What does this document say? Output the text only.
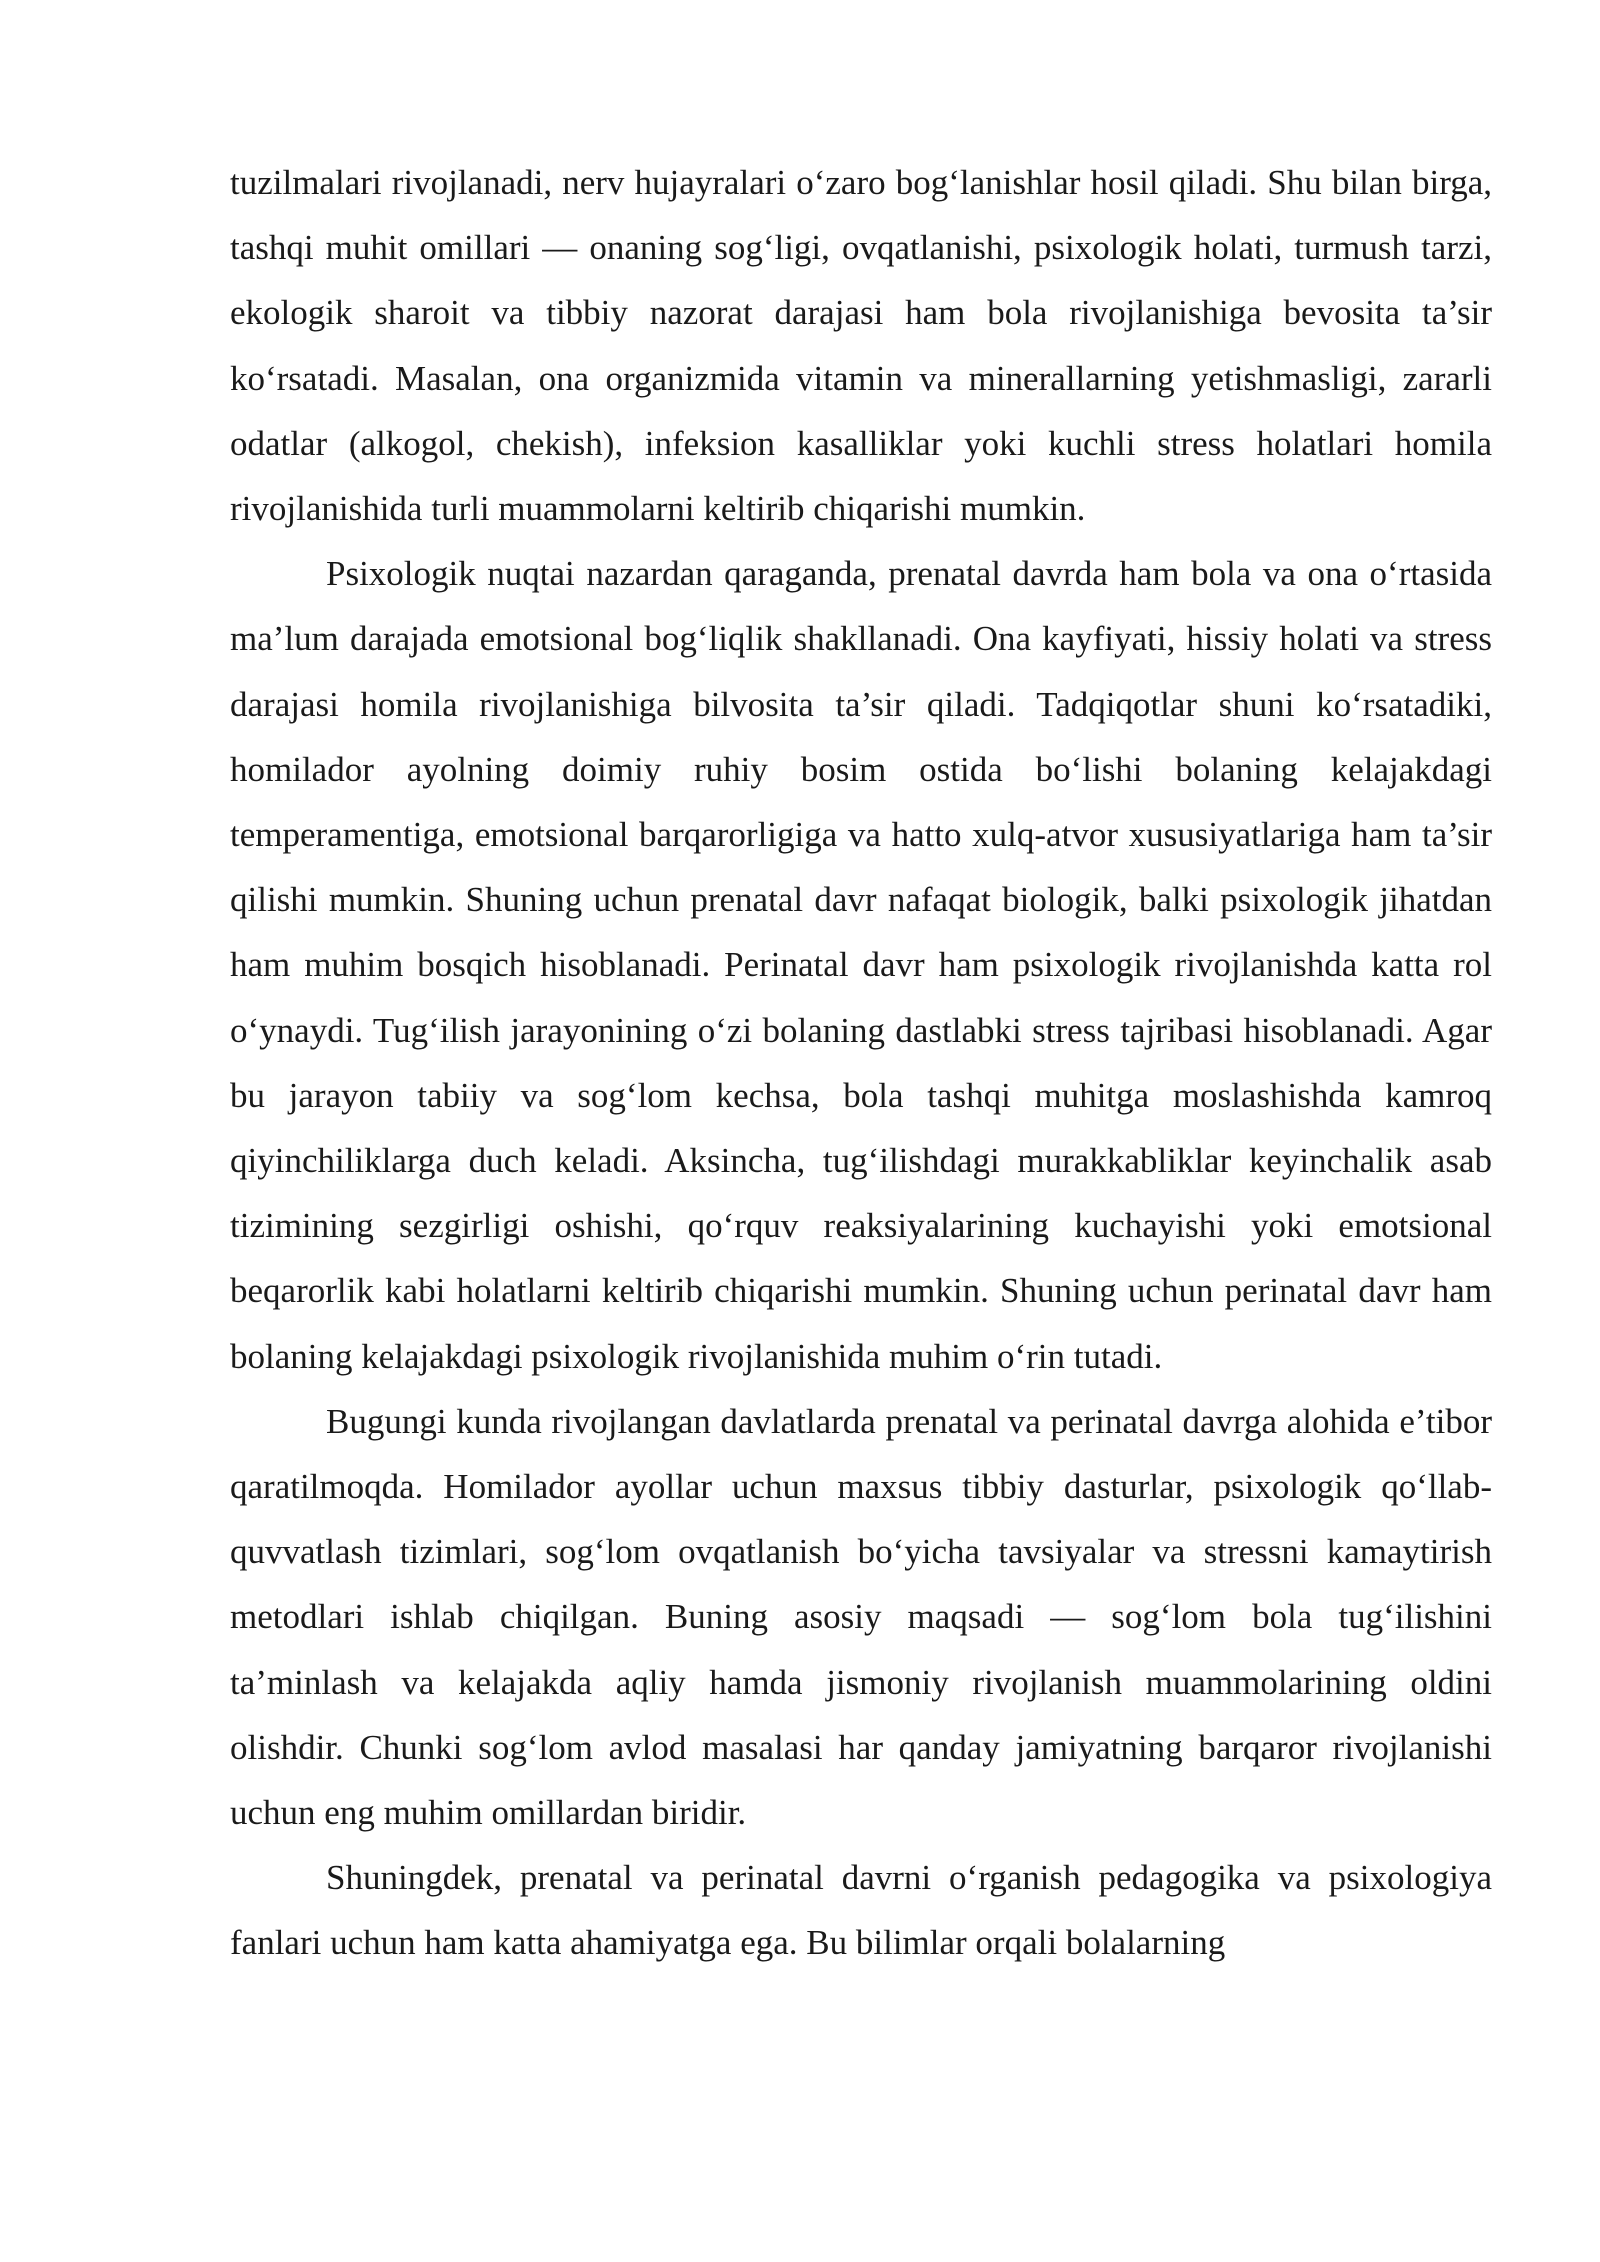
tuzilmalari rivojlanadi, nerv hujayralari o‘zaro bog‘lanishlar hosil qiladi. Shu bilan birga, tashqi muhit omillari — onaning sog‘ligi, ovqatlanishi, psixologik holati, turmush tarzi, ekologik sharoit va tibbiy nazorat darajasi ham bola rivojlanishiga bevosita ta’sir ko‘rsatadi. Masalan, ona organizmida vitamin va minerallarning yetishmasligi, zararli odatlar (alkogol, chekish), infeksion kasalliklar yoki kuchli stress holatlari homila rivojlanishida turli muammolarni keltirib chiqarishi mumkin.

Psixologik nuqtai nazardan qaraganda, prenatal davrda ham bola va ona o‘rtasida ma’lum darajada emotsional bog‘liqlik shakllanadi. Ona kayfiyati, hissiy holati va stress darajasi homila rivojlanishiga bilvosita ta’sir qiladi. Tadqiqotlar shuni ko‘rsatadiki, homilador ayolning doimiy ruhiy bosim ostida bo‘lishi bolaning kelajakdagi temperamentiga, emotsional barqarorligiga va hatto xulq-atvor xususiyatlariga ham ta’sir qilishi mumkin. Shuning uchun prenatal davr nafaqat biologik, balki psixologik jihatdan ham muhim bosqich hisoblanadi. Perinatal davr ham psixologik rivojlanishda katta rol o‘ynaydi. Tug‘ilish jarayonining o‘zi bolaning dastlabki stress tajribasi hisoblanadi. Agar bu jarayon tabiiy va sog‘lom kechsa, bola tashqi muhitga moslashishda kamroq qiyinchiliklarga duch keladi. Aksincha, tug‘ilishdagi murakkabliklar keyinchalik asab tizimining sezgirligi oshishi, qo‘rquv reaksiyalarining kuchayishi yoki emotsional beqarorlik kabi holatlarni keltirib chiqarishi mumkin. Shuning uchun perinatal davr ham bolaning kelajakdagi psixologik rivojlanishida muhim o‘rin tutadi.

Bugungi kunda rivojlangan davlatlarda prenatal va perinatal davrga alohida e’tibor qaratilmoqda. Homilador ayollar uchun maxsus tibbiy dasturlar, psixologik qo‘llab-quvvatlash tizimlari, sog‘lom ovqatlanish bo‘yicha tavsiyalar va stressni kamaytirish metodlari ishlab chiqilgan. Buning asosiy maqsadi — sog‘lom bola tug‘ilishini ta’minlash va kelajakda aqliy hamda jismoniy rivojlanish muammolarining oldini olishdir. Chunki sog‘lom avlod masalasi har qanday jamiyatning barqaror rivojlanishi uchun eng muhim omillardan biridir.

Shuningdek, prenatal va perinatal davrni o‘rganish pedagogika va psixologiya fanlari uchun ham katta ahamiyatga ega. Bu bilimlar orqali bolalarning
